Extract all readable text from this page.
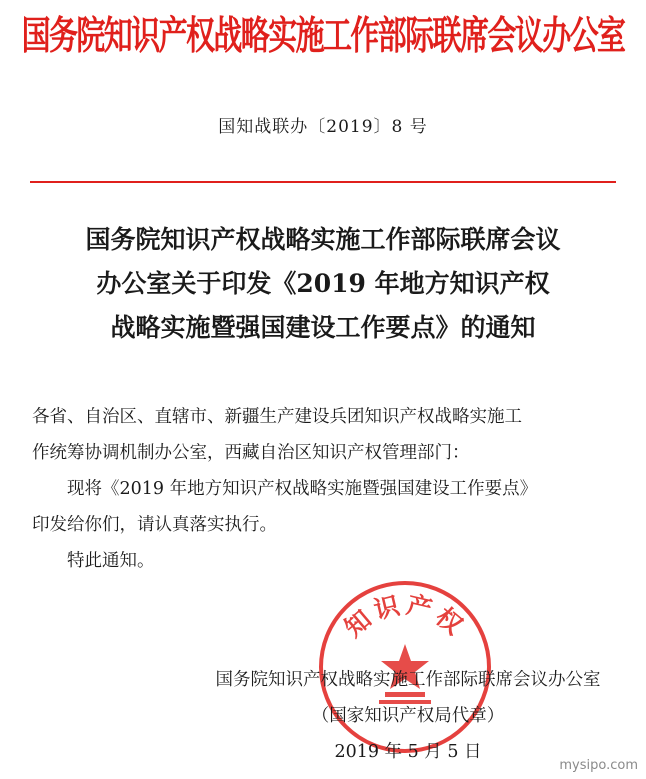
国务院知识产权战略实施工作部际联席会议办公室
国知战联办〔2019〕8 号
国务院知识产权战略实施工作部际联席会议
办公室关于印发《2019 年地方知识产权
战略实施暨强国建设工作要点》的通知

各省、自治区、直辖市、新疆生产建设兵团知识产权战略实施工

作统筹协调机制办公室，西藏自治区知识产权管理部门：

现将《2019 年地方知识产权战略实施暨强国建设工作要点》

印发给你们，请认真落实执行。

特此通知。

知识产权

国务院知识产权战略实施工作部际联席会议办公室

（国家知识产权局代章）

2019 年 5 月 5 日

mysipo.com
